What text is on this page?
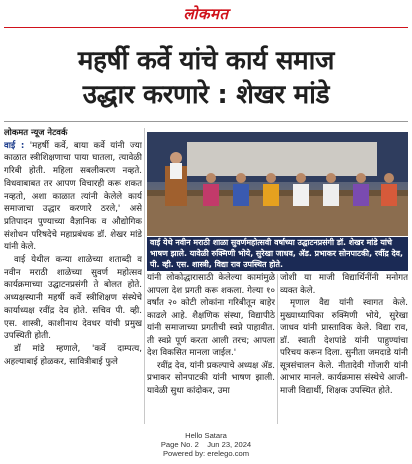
लोकमत
महर्षी कर्वे यांचे कार्य समाज
उद्धार करणारे : शेखर मांडे
लोकमत न्यूज नेटवर्क

वाई : 'महर्षी कर्वे, बाया कर्वे यांनी ज्या काळात स्त्रीशिक्षणाचा पाया घातला, त्यावेळी गरिबी होती. महिला सबलीकरण नव्हते. विधवाबाबत तर आपण विचारही करू शकत नव्हतो, अशा काळात त्यांनी केलेले कार्य समाजाचा उद्धार करणारे ठरले,' असे प्रतिपादन पुण्याच्या वैज्ञानिक व औद्योगिक संशोधन परिषदेचे महाप्रबंधक डॉ. शेखर मांडे यांनी केले.

वाई येथील कन्या शाळेच्या शताब्दी व नवीन मराठी शाळेच्या सुवर्ण महोत्सव कार्यक्रमाच्या उद्घाटनप्रसंगी ते बोलत होते. अध्यक्षस्थानी महर्षी कर्वे स्त्रीशिक्षण संस्थेचे कार्याध्यक्ष रवींद्र देव होते. सचिव पी. व्ही. एस. शास्त्री, काशीनाथ देवधर यांची प्रमुख उपस्थिती होती.

डॉ मांडे म्हणाले, 'कर्वे दाम्पत्य, अहल्याबाई होळकर, सावित्रीबाई फुले

वाई येथे नवीन मराठी शाळा सुवर्णमहोत्सवी वर्षाच्या उद्घाटनप्रसंगी डॉ. शेखर मांडे यांचे भाषण झाले. यावेळी रुक्मिणी भोये, सुरेखा जाधव, ॲड. प्रभाकर सोनपाटकी, रवींद्र देव, पी. व्ही. एस. शास्त्री, विद्या राव उपस्थित होते.

यांनी लोकोद्धारासाठी केलेल्या कामांमुळे आपला देश प्रगती करू शकला. गेल्या १० वर्षांत २० कोटी लोकांना गरिबीतून बाहेर काढले आहे. शैक्षणिक संस्था, विद्यापीठे यांनी समाजाच्या प्रगतीची स्वप्ने पाहावीत. ती स्वप्ने पूर्ण करता आली तरच; आपला देश विकसित मानला जाईल.'

रवींद्र देव, यांनी प्रकल्पाचे अध्यक्ष ॲड. प्रभाकर सोनपाटकी यांनी भाषण झाली. यावेळी सुधा कांदोकर, उमा

जोशी या माजी विद्यार्थिनींनी मनोगत व्यक्त केले.

मृणाल वैद्य यांनी स्वागत केले. मुख्याध्यापिका रुक्मिणी भोये, सुरेखा जाधव यांनी प्रास्ताविक केले. विद्या राव, डॉ. स्वाती देशपांडे यांनी पाहुण्यांचा परिचय करून दिला. सुनीता जमदाडे यांनी सूत्रसंचालन केले. नीतादेवी गोंजारी यांनी आभार मानले. कार्यक्रमास संस्थेचे आजी-माजी विद्यार्थी, शिक्षक उपस्थित होते.

Hello Satara
Page No. 2    Jun 23, 2024
Powered by: erelego.com
